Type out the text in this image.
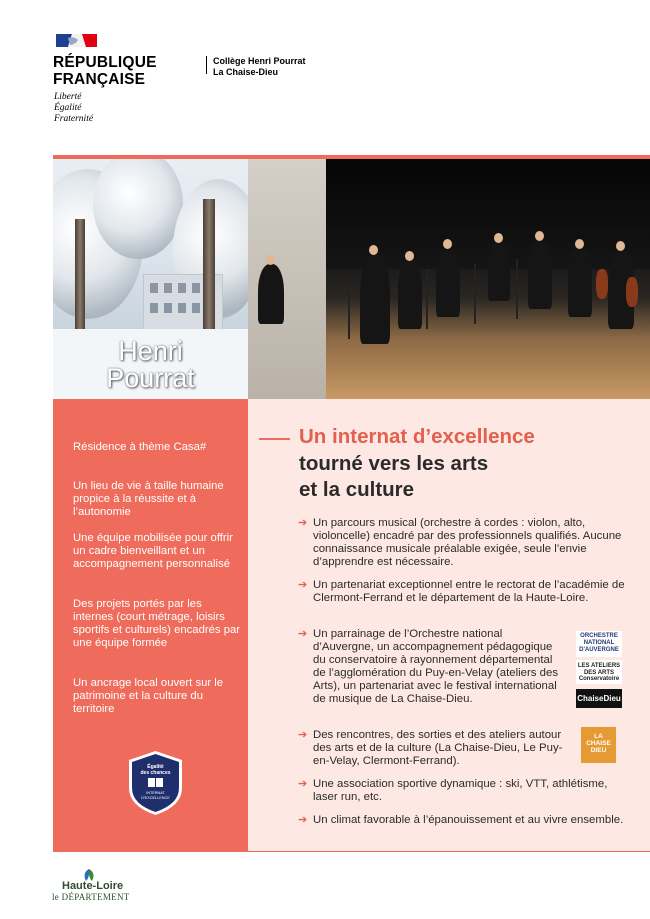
RÉPUBLIQUE
FRANÇAISE
Liberté
Égalité
Fraternité
Collège Henri Pourrat
La Chaise-Dieu
Henri
Pourrat
Résidence à thème Casa#
Un lieu de vie à taille humaine propice à la réussite et à l’autonomie
Une équipe mobilisée pour offrir un cadre bienveillant et un accompagnement personnalisé
Des projets portés par les internes (court métrage, loisirs sportifs et culturels) encadrés par une équipe formée
Un ancrage local ouvert sur le patrimoine et la culture du territoire
Égalité
des chances
INTERNAT
D'EXCELLENCE
Un internat d’excellence
tourné vers les arts
et la culture
➔ Un parcours musical (orchestre à cordes : violon, alto, violoncelle) encadré par des professionnels qualifiés. Aucune connaissance musicale préalable exigée, seule l’envie d’apprendre est nécessaire.
➔ Un partenariat exceptionnel entre le rectorat de l’académie de Clermont-Ferrand et le département de la Haute-Loire.
➔ Un parrainage de l’Orchestre national d’Auvergne, un accompagnement pédagogique du conservatoire à rayonnement départemental de l’agglomération du Puy-en-Velay (ateliers des Arts), un partenariat avec le festival international de musique de La Chaise-Dieu.
➔ Des rencontres, des sorties et des ateliers autour des arts et de la culture (La Chaise-Dieu, Le Puy-en-Velay, Clermont-Ferrand).
➔ Une association sportive dynamique : ski, VTT, athlétisme, laser run, etc.
➔ Un climat favorable à l’épanouissement et au vivre ensemble.
ORCHESTRE
NATIONAL
D'AUVERGNE
LES ATELIERS
DES ARTS
Conservatoire
ChaiseDieu
LA
CHAISE
DIEU
Haute-Loire
le DÉPARTEMENT
